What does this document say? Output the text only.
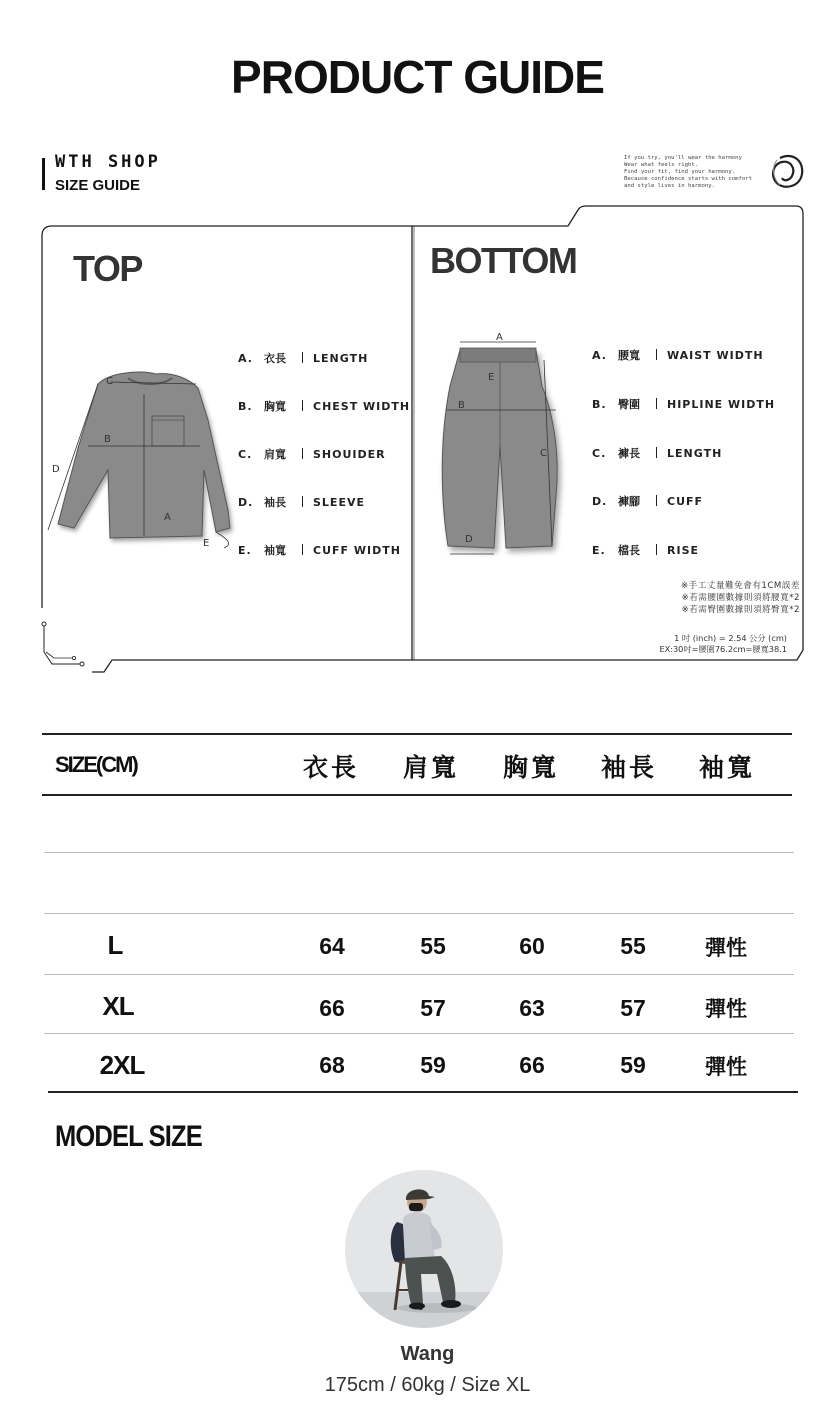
PRODUCT GUIDE
WTH SHOP
SIZE GUIDE
If you try, you'll wear the harmony
Wear what feels right.
Find your fit, find your harmony.
Because confidence starts with comfort
and style lives in harmony.
TOP	BOTTOM
C
B
D
A
E
A. 衣長 LENGTH
B. 胸寬 CHEST WIDTH
C. 肩寬 SHOUIDER
D. 袖長 SLEEVE
E. 袖寬 CUFF WIDTH
A
B
C
D
E
A. 腰寬 WAIST WIDTH
B. 臀圍 HIPLINE WIDTH
C. 褲長 LENGTH
D. 褲腳 CUFF
E. 檔長 RISE
※手工丈量難免會有1CM誤差
※若需腰圍數據則須將腰寬*2
※若需臀圍數據則須將臀寬*2
1 吋 (inch) = 2.54 公分 (cm)
EX:30吋=腰圍76.2cm=腰寬38.1
SIZE(CM)	衣長	肩寬	胸寬	袖長	袖寬
L	64	55	60	55	彈性
XL	66	57	63	57	彈性
2XL	68	59	66	59	彈性
MODEL SIZE
Wang
175cm / 60kg / Size XL
